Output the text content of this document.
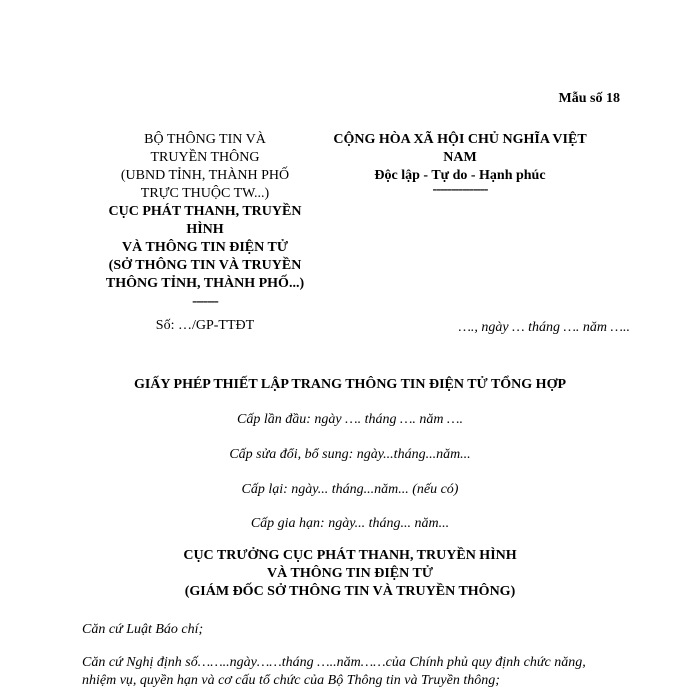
Mẫu số 18
BỘ THÔNG TIN VÀ
TRUYỀN THÔNG
(UBND TỈNH, THÀNH PHỐ
TRỰC THUỘC TW...)
CỤC PHÁT THANH, TRUYỀN
HÌNH
VÀ THÔNG TIN ĐIỆN TỬ
(SỞ THÔNG TIN VÀ TRUYỀN
THÔNG TỈNH, THÀNH PHỐ...)
-------
CỘNG HÒA XÃ HỘI CHỦ NGHĨA VIỆT
NAM
Độc lập - Tự do - Hạnh phúc
---------------
Số: …/GP-TTĐT	…., ngày … tháng …. năm …..
GIẤY PHÉP THIẾT LẬP TRANG THÔNG TIN ĐIỆN TỬ TỔNG HỢP
Cấp lần đầu: ngày …. tháng …. năm ….
Cấp sửa đổi, bổ sung: ngày...tháng...năm...
Cấp lại: ngày... tháng...năm... (nếu có)
Cấp gia hạn: ngày... tháng... năm...
CỤC TRƯỞNG CỤC PHÁT THANH, TRUYỀN HÌNH
VÀ THÔNG TIN ĐIỆN TỬ
(GIÁM ĐỐC SỞ THÔNG TIN VÀ TRUYỀN THÔNG)
Căn cứ Luật Báo chí;
Căn cứ Nghị định số……..ngày……tháng …..năm……của Chính phủ quy định chức năng,
nhiệm vụ, quyền hạn và cơ cấu tổ chức của Bộ Thông tin và Truyền thông;
